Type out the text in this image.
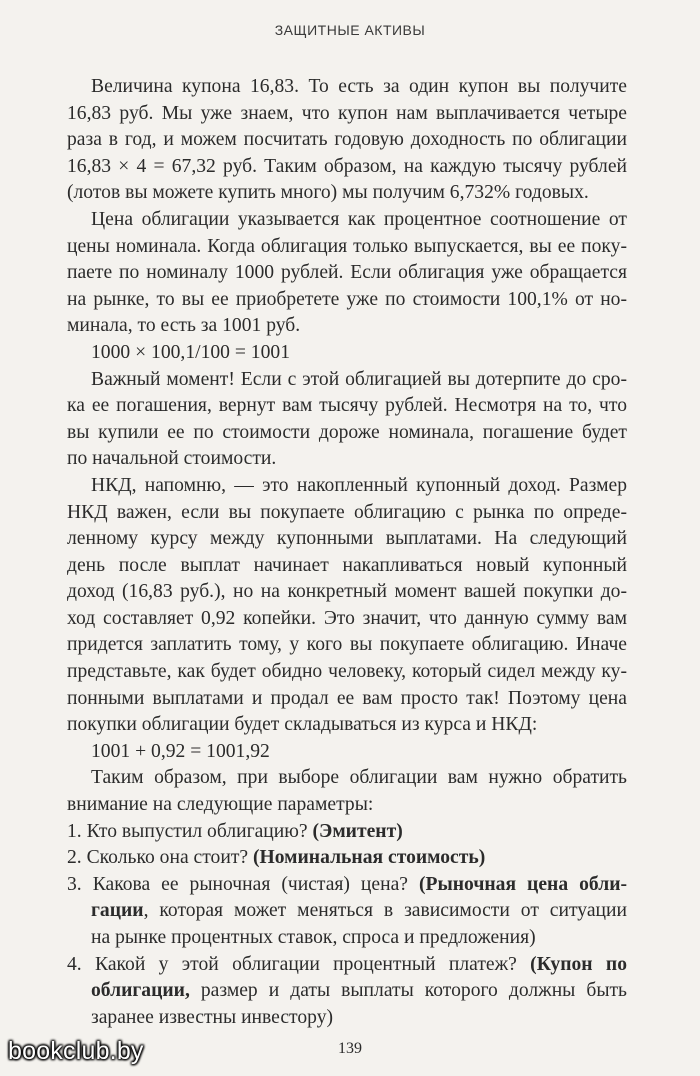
ЗАЩИТНЫЕ АКТИВЫ
Величина купона 16,83. То есть за один купон вы получите
16,83 руб. Мы уже знаем, что купон нам выплачивается четыре
раза в год, и можем посчитать годовую доходность по облигации
16,83 × 4 = 67,32 руб. Таким образом, на каждую тысячу рублей
(лотов вы можете купить много) мы получим 6,732% годовых.
Цена облигации указывается как процентное соотношение от
цены номинала. Когда облигация только выпускается, вы ее поку-
паете по номиналу 1000 рублей. Если облигация уже обращается
на рынке, то вы ее приобретете уже по стоимости 100,1% от но-
минала, то есть за 1001 руб.
1000 × 100,1/100 = 1001
Важный момент! Если с этой облигацией вы дотерпите до сро-
ка ее погашения, вернут вам тысячу рублей. Несмотря на то, что
вы купили ее по стоимости дороже номинала, погашение будет
по начальной стоимости.
НКД, напомню, — это накопленный купонный доход. Размер
НКД важен, если вы покупаете облигацию с рынка по опреде-
ленному курсу между купонными выплатами. На следующий
день после выплат начинает накапливаться новый купонный
доход (16,83 руб.), но на конкретный момент вашей покупки до-
ход составляет 0,92 копейки. Это значит, что данную сумму вам
придется заплатить тому, у кого вы покупаете облигацию. Иначе
представьте, как будет обидно человеку, который сидел между ку-
понными выплатами и продал ее вам просто так! Поэтому цена
покупки облигации будет складываться из курса и НКД:
1001 + 0,92 = 1001,92
Таким образом, при выборе облигации вам нужно обратить
внимание на следующие параметры:
1. Кто выпустил облигацию? (Эмитент)
2. Сколько она стоит? (Номинальная стоимость)
3. Какова ее рыночная (чистая) цена? (Рыночная цена обли-
гации, которая может меняться в зависимости от ситуации
на рынке процентных ставок, спроса и предложения)
4. Какой у этой облигации процентный платеж? (Купон по
облигации, размер и даты выплаты которого должны быть
заранее известны инвестору)
139
bookclub.by
